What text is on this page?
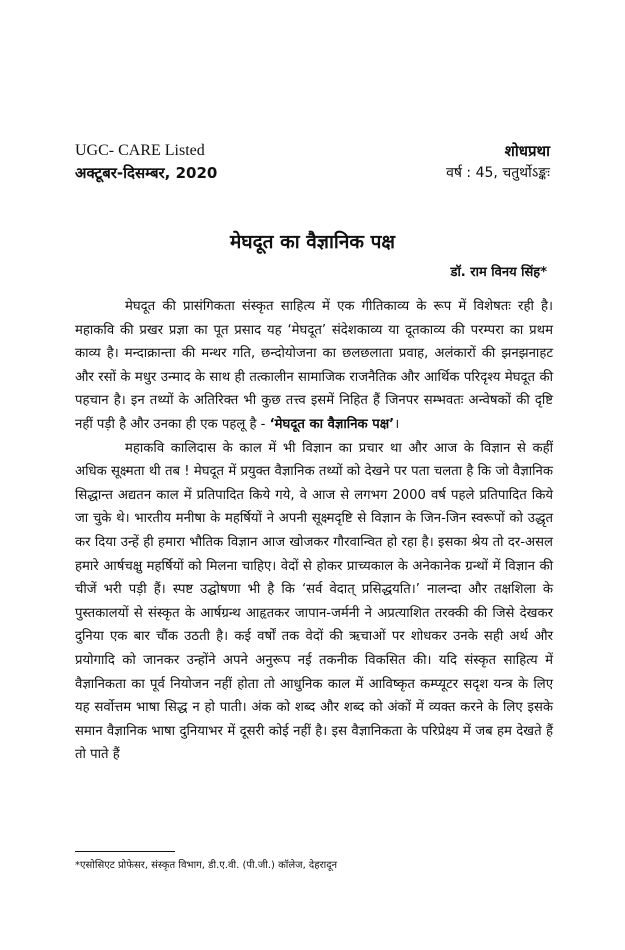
UGC- CARE Listed
अक्टूबर-दिसम्बर, 2020
शोधप्रथा
वर्ष : 45, चतुर्थोऽङ्कः
मेघदूत का वैज्ञानिक पक्ष
डॉ. राम विनय सिंह*

मेघदूत की प्रासंगिकता संस्कृत साहित्य में एक गीतिकाव्य के रूप में विशेषतः रही है। महाकवि की प्रखर प्रज्ञा का पूत प्रसाद यह ‘मेघदूत’ संदेशकाव्य या दूतकाव्य की परम्परा का प्रथम काव्य है। मन्दाक्रान्ता की मन्थर गति, छन्दोयोजना का छलछलाता प्रवाह, अलंकारों की झनझनाहट और रसों के मधुर उन्माद के साथ ही तत्कालीन सामाजिक राजनैतिक और आर्थिक परिदृश्य मेघदूत की पहचान है। इन तथ्यों के अतिरिक्त भी कुछ तत्त्व इसमें निहित हैं जिनपर सम्भवतः अन्वेषकों की दृष्टि नहीं पड़ी है और उनका ही एक पहलू है - ‘मेघदूत का वैज्ञानिक पक्ष’।

महाकवि कालिदास के काल में भी विज्ञान का प्रचार था और आज के विज्ञान से कहीं अधिक सूक्ष्मता थी तब ! मेघदूत में प्रयुक्त वैज्ञानिक तथ्यों को देखने पर पता चलता है कि जो वैज्ञानिक सिद्धान्त अद्यतन काल में प्रतिपादित किये गये, वे आज से लगभग 2000 वर्ष पहले प्रतिपादित किये जा चुके थे। भारतीय मनीषा के महर्षियों ने अपनी सूक्ष्मदृष्टि से विज्ञान के जिन-जिन स्वरूपों को उद्धृत कर दिया उन्हें ही हमारा भौतिक विज्ञान आज खोजकर गौरवान्वित हो रहा है। इसका श्रेय तो दर-असल हमारे आर्षचक्षु महर्षियों को मिलना चाहिए। वेदों से होकर प्राच्यकाल के अनेकानेक ग्रन्थों में विज्ञान की चीजें भरी पड़ी हैं। स्पष्ट उद्घोषणा भी है कि ‘सर्व वेदात् प्रसिद्धयति।’ नालन्दा और तक्षशिला के पुस्तकालयों से संस्कृत के आर्षग्रन्थ आहृतकर जापान-जर्मनी ने अप्रत्याशित तरक्की की जिसे देखकर दुनिया एक बार चौंक उठती है। कई वर्षों तक वेदों की ऋचाओं पर शोधकर उनके सही अर्थ और प्रयोगादि को जानकर उन्होंने अपने अनुरूप नई तकनीक विकसित की। यदि संस्कृत साहित्य में वैज्ञानिकता का पूर्व नियोजन नहीं होता तो आधुनिक काल में आविष्कृत कम्प्यूटर सदृश यन्त्र के लिए यह सर्वोत्तम भाषा सिद्ध न हो पाती। अंक को शब्द और शब्द को अंकों में व्यक्त करने के लिए इसके समान वैज्ञानिक भाषा दुनियाभर में दूसरी कोई नहीं है। इस वैज्ञानिकता के परिप्रेक्ष्य में जब हम देखते हैं तो पाते हैं

*एसोसिएट प्रोफेसर, संस्कृत विभाग, डी.ए.वी. (पी.जी.) कॉलेज, देहरादून
